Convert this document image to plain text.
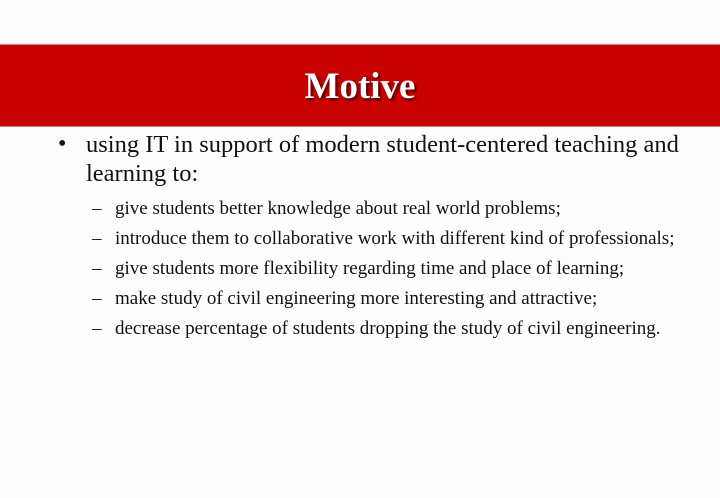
Motive
• using IT in support of modern student-centered teaching and learning to:
– give students better knowledge about real world problems;
– introduce them to collaborative work with different kind of professionals;
– give students more flexibility regarding time and place of learning;
– make study of civil engineering more interesting and attractive;
– decrease percentage of students dropping the study of civil engineering.
